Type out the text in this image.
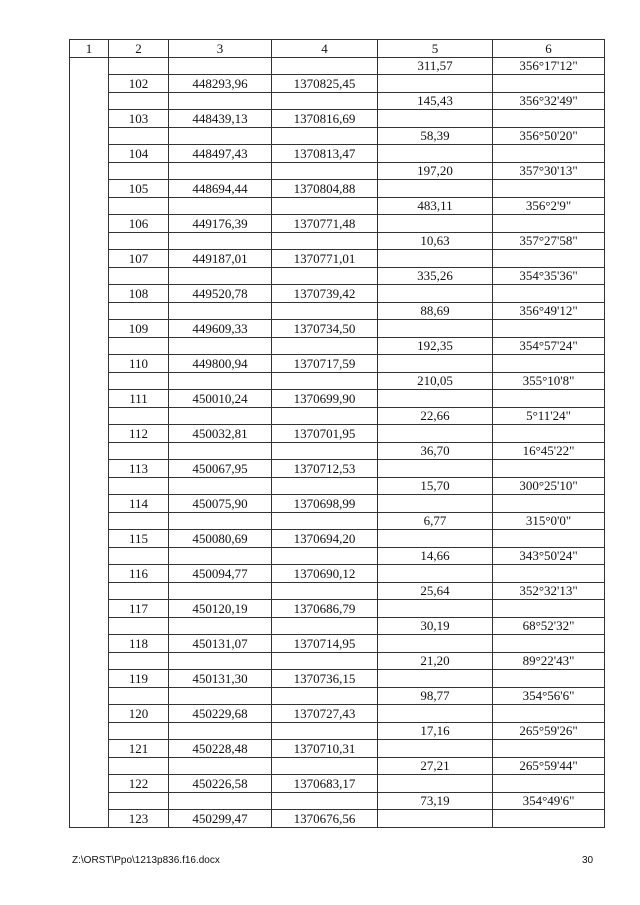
1	2	3	4	5	6
				311,57	356°17'12"
	102	448293,96	1370825,45		
				145,43	356°32'49"
	103	448439,13	1370816,69		
				58,39	356°50'20"
	104	448497,43	1370813,47		
				197,20	357°30'13"
	105	448694,44	1370804,88		
				483,11	356°2'9"
	106	449176,39	1370771,48		
				10,63	357°27'58"
	107	449187,01	1370771,01		
				335,26	354°35'36"
	108	449520,78	1370739,42		
				88,69	356°49'12"
	109	449609,33	1370734,50		
				192,35	354°57'24"
	110	449800,94	1370717,59		
				210,05	355°10'8"
	111	450010,24	1370699,90		
				22,66	5°11'24"
	112	450032,81	1370701,95		
				36,70	16°45'22"
	113	450067,95	1370712,53		
				15,70	300°25'10"
	114	450075,90	1370698,99		
				6,77	315°0'0"
	115	450080,69	1370694,20		
				14,66	343°50'24"
	116	450094,77	1370690,12		
				25,64	352°32'13"
	117	450120,19	1370686,79		
				30,19	68°52'32"
	118	450131,07	1370714,95		
				21,20	89°22'43"
	119	450131,30	1370736,15		
				98,77	354°56'6"
	120	450229,68	1370727,43		
				17,16	265°59'26"
	121	450228,48	1370710,31		
				27,21	265°59'44"
	122	450226,58	1370683,17		
				73,19	354°49'6"
	123	450299,47	1370676,56		
Z:\ORST\Ppo\1213p836.f16.docx	30
